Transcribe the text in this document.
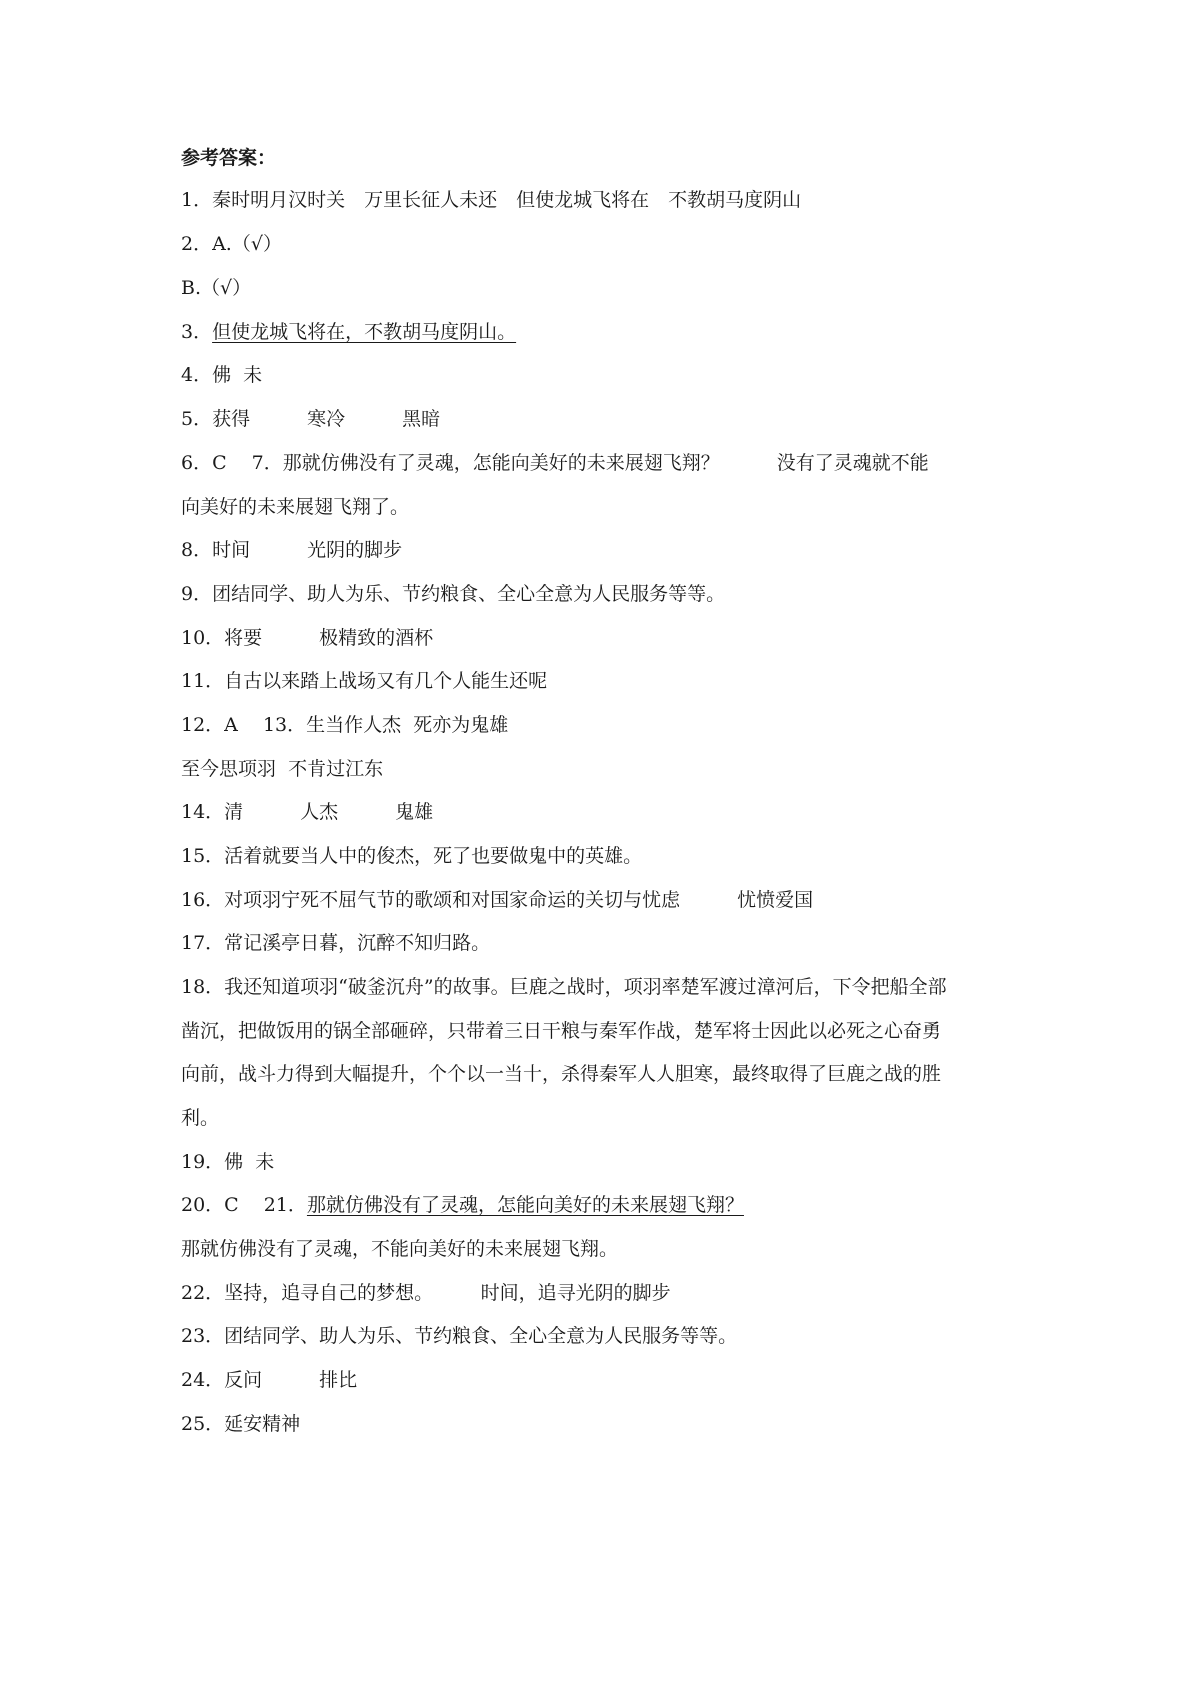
参考答案：
1．秦时明月汉时关　万里长征人未还　但使龙城飞将在　不教胡马度阴山
2．A.（√）
B.（√）
3．但使龙城飞将在，不教胡马度阴山。
4．佛  未
5．获得　　　寒冷　　　黑暗
6．C　 7．那就仿佛没有了灵魂，怎能向美好的未来展翅飞翔？　　　没有了灵魂就不能
向美好的未来展翅飞翔了。
8．时间　　　光阴的脚步
9．团结同学、助人为乐、节约粮食、全心全意为人民服务等等。
10．将要　　　极精致的酒杯
11．自古以来踏上战场又有几个人能生还呢
12．A　 13．生当作人杰  死亦为鬼雄
至今思项羽  不肯过江东
14．清　　　人杰　　　鬼雄
15．活着就要当人中的俊杰，死了也要做鬼中的英雄。
16．对项羽宁死不屈气节的歌颂和对国家命运的关切与忧虑　　　忧愤爱国
17．常记溪亭日暮，沉醉不知归路。
18．我还知道项羽“破釜沉舟”的故事。巨鹿之战时，项羽率楚军渡过漳河后，下令把船全部
凿沉，把做饭用的锅全部砸碎，只带着三日干粮与秦军作战，楚军将士因此以必死之心奋勇
向前，战斗力得到大幅提升，个个以一当十，杀得秦军人人胆寒，最终取得了巨鹿之战的胜
利。
19．佛  未
20．C　 21．那就仿佛没有了灵魂，怎能向美好的未来展翅飞翔？
那就仿佛没有了灵魂，不能向美好的未来展翅飞翔。
22．坚持，追寻自己的梦想。　　　时间，追寻光阴的脚步
23．团结同学、助人为乐、节约粮食、全心全意为人民服务等等。
24．反问　　　排比
25．延安精神
